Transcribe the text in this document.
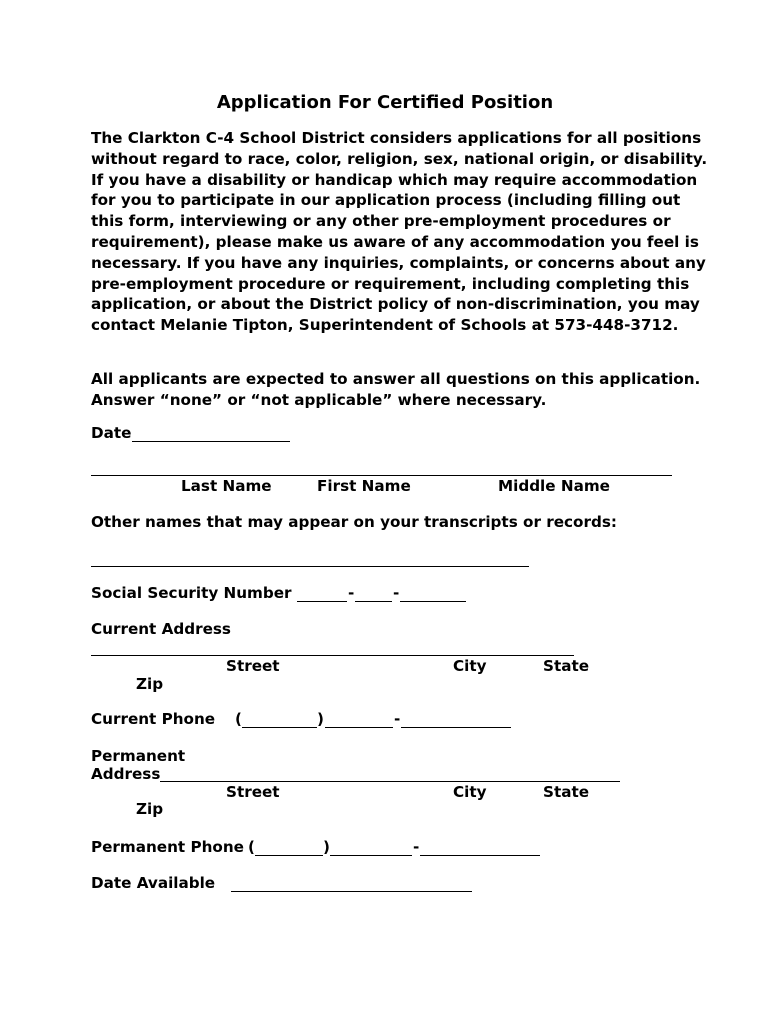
Application For Certified Position
The Clarkton C-4 School District considers applications for all positions without regard to race, color, religion, sex, national origin, or disability. If you have a disability or handicap which may require accommodation for you to participate in our application process (including filling out this form, interviewing or any other pre-employment procedures or requirement), please make us aware of any accommodation you feel is necessary. If you have any inquiries, complaints, or concerns about any pre-employment procedure or requirement, including completing this application, or about the District policy of non-discrimination, you may contact Melanie Tipton, Superintendent of Schools at 573-448-3712.
All applicants are expected to answer all questions on this application. Answer “none” or “not applicable” where necessary.
Date
Last Name	First Name	Middle Name
Other names that may appear on your transcripts or records:
Social Security Number	-	-
Current Address
Street	City	State
Zip
Current Phone (	)	-
Permanent
Address
Street	City	State
Zip
Permanent Phone (	)	-
Date Available
